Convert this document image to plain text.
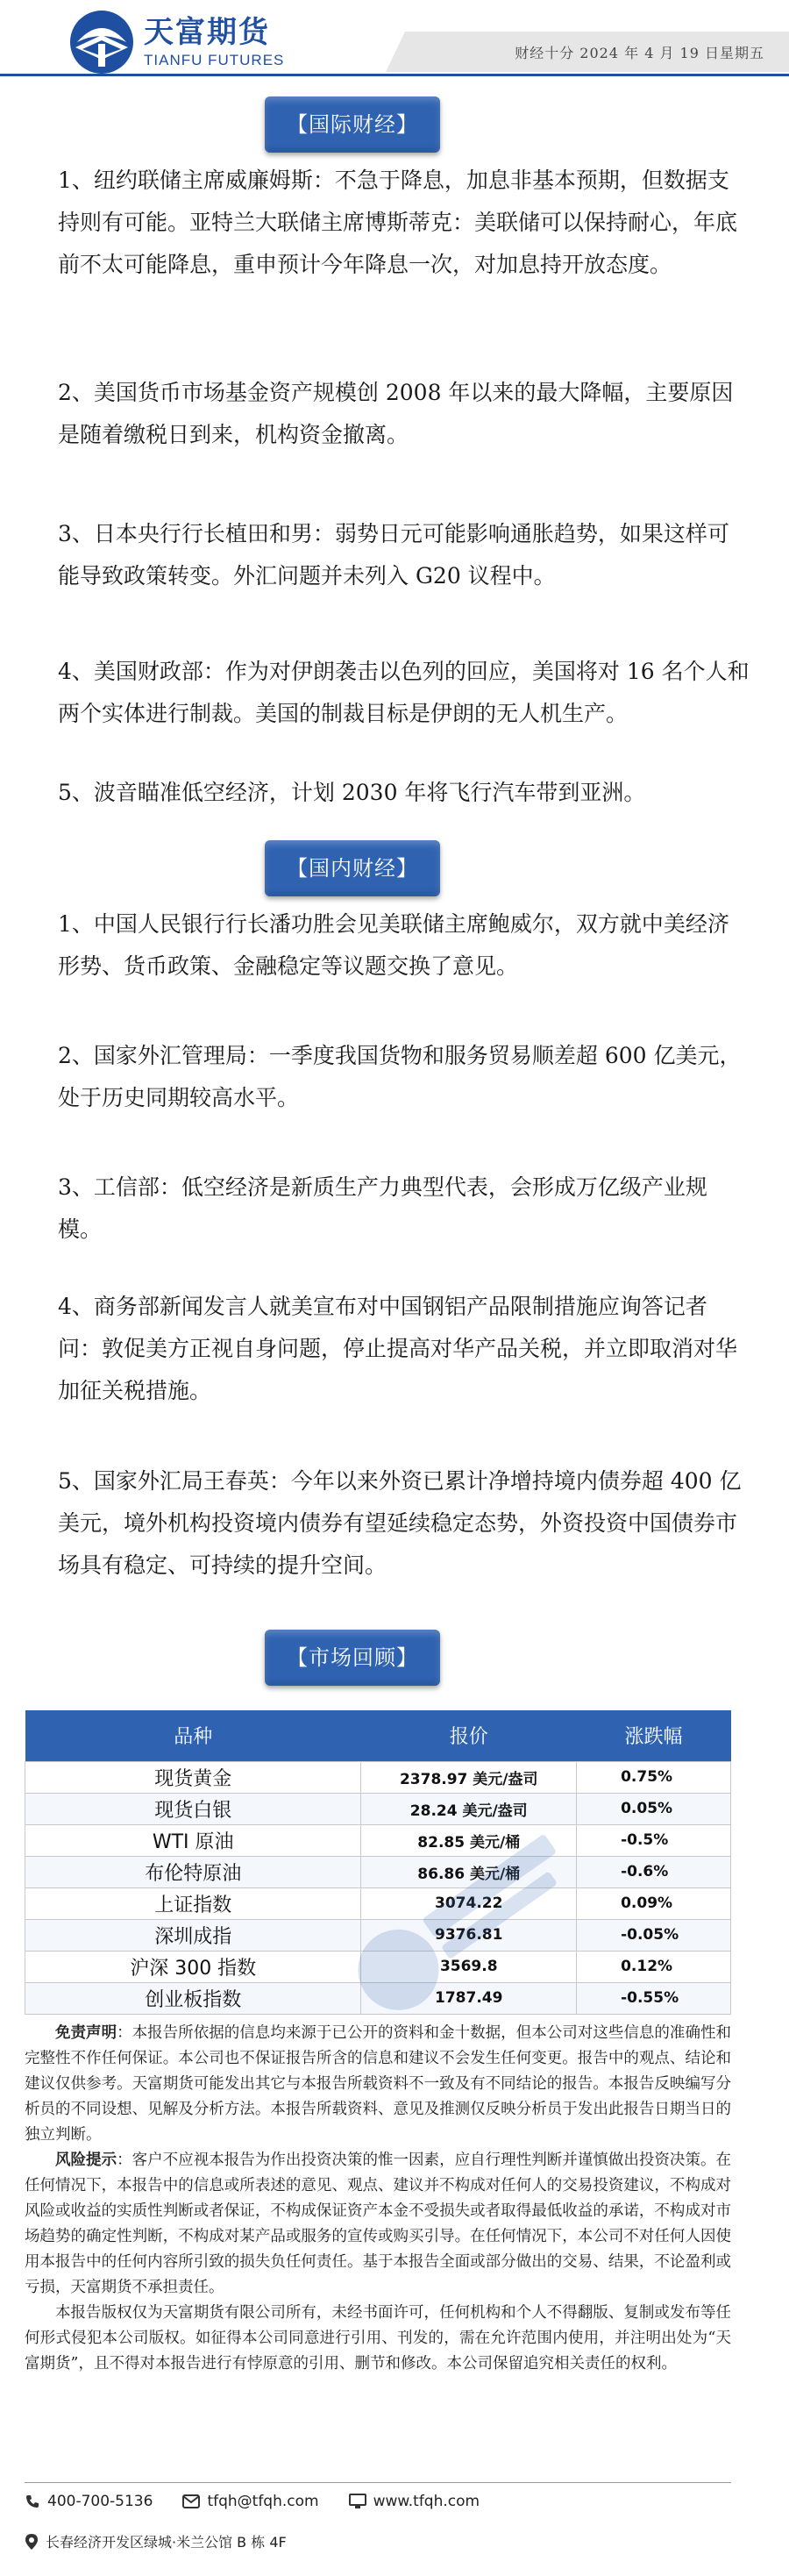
天富期货
TIANFU FUTURES	财经十分 2024 年 4 月 19 日星期五
【国际财经】
1、纽约联储主席威廉姆斯：不急于降息，加息非基本预期，但数据支持则有可能。亚特兰大联储主席博斯蒂克：美联储可以保持耐心，年底前不太可能降息，重申预计今年降息一次，对加息持开放态度。
2、美国货币市场基金资产规模创 2008 年以来的最大降幅，主要原因是随着缴税日到来，机构资金撤离。
3、日本央行行长植田和男：弱势日元可能影响通胀趋势，如果这样可能导致政策转变。外汇问题并未列入 G20 议程中。
4、美国财政部：作为对伊朗袭击以色列的回应，美国将对 16 名个人和两个实体进行制裁。美国的制裁目标是伊朗的无人机生产。
5、波音瞄准低空经济，计划 2030 年将飞行汽车带到亚洲。
【国内财经】
1、中国人民银行行长潘功胜会见美联储主席鲍威尔，双方就中美经济形势、货币政策、金融稳定等议题交换了意见。
2、国家外汇管理局：一季度我国货物和服务贸易顺差超 600 亿美元，处于历史同期较高水平。
3、工信部：低空经济是新质生产力典型代表，会形成万亿级产业规模。
4、商务部新闻发言人就美宣布对中国钢铝产品限制措施应询答记者问：敦促美方正视自身问题，停止提高对华产品关税，并立即取消对华加征关税措施。
5、国家外汇局王春英：今年以来外资已累计净增持境内债券超 400 亿美元，境外机构投资境内债券有望延续稳定态势，外资投资中国债券市场具有稳定、可持续的提升空间。
【市场回顾】
品种	报价	涨跌幅
现货黄金	2378.97 美元/盎司	0.75%
现货白银	28.24 美元/盎司	0.05%
WTI 原油	82.85 美元/桶	-0.5%
布伦特原油	86.86 美元/桶	-0.6%
上证指数	3074.22	0.09%
深圳成指	9376.81	-0.05%
沪深 300 指数	3569.8	0.12%
创业板指数	1787.49	-0.55%

免责声明：本报告所依据的信息均来源于已公开的资料和金十数据，但本公司对这些信息的准确性和完整性不作任何保证。本公司也不保证报告所含的信息和建议不会发生任何变更。报告中的观点、结论和建议仅供参考。天富期货可能发出其它与本报告所载资料不一致及有不同结论的报告。本报告反映编写分析员的不同设想、见解及分析方法。本报告所载资料、意见及推测仅反映分析员于发出此报告日期当日的独立判断。

风险提示：客户不应视本报告为作出投资决策的惟一因素，应自行理性判断并谨慎做出投资决策。在任何情况下，本报告中的信息或所表述的意见、观点、建议并不构成对任何人的交易投资建议，不构成对风险或收益的实质性判断或者保证，不构成保证资产本金不受损失或者取得最低收益的承诺，不构成对市场趋势的确定性判断，不构成对某产品或服务的宣传或购买引导。在任何情况下，本公司不对任何人因使用本报告中的任何内容所引致的损失负任何责任。基于本报告全面或部分做出的交易、结果，不论盈利或亏损，天富期货不承担责任。

本报告版权仅为天富期货有限公司所有，未经书面许可，任何机构和个人不得翻版、复制或发布等任何形式侵犯本公司版权。如征得本公司同意进行引用、刊发的，需在允许范围内使用，并注明出处为“天富期货”，且不得对本报告进行有悖原意的引用、删节和修改。本公司保留追究相关责任的权利。

400-700-5136	tfqh@tfqh.com	www.tfqh.com
长春经济开发区绿城·米兰公馆 B 栋 4F
